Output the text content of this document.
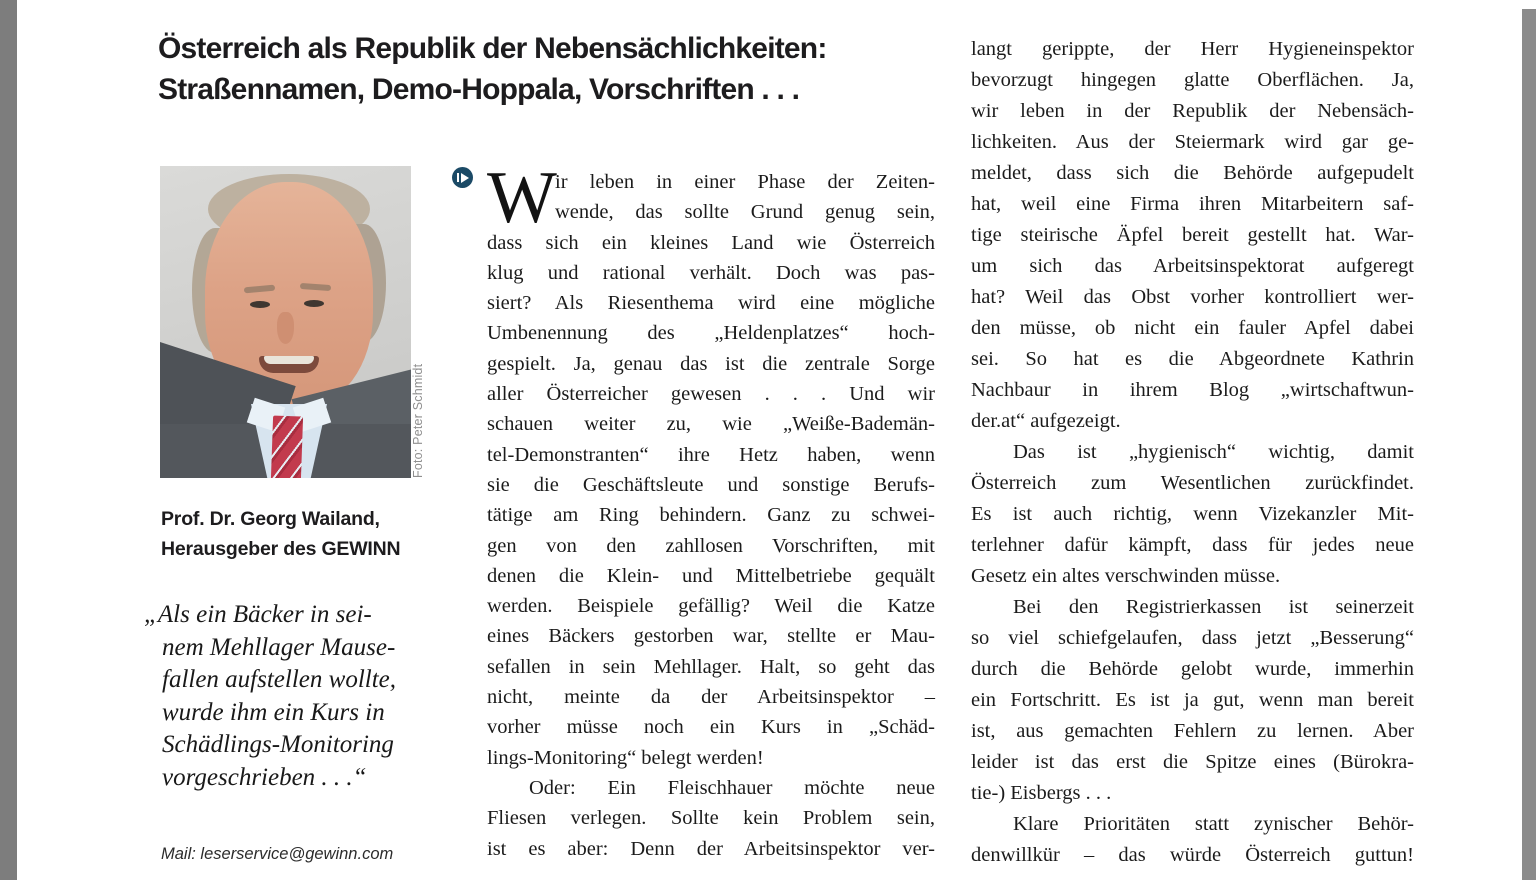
Österreich als Republik der Nebensächlichkeiten:
Straßennamen, Demo-Hoppala, Vorschriften . . .
Foto: Peter Schmidt
Prof. Dr. Georg Wailand,
Herausgeber des GEWINN
„Als ein Bäcker in sei-
nem Mehllager Mause-
fallen aufstellen wollte,
wurde ihm ein Kurs in
Schädlings-Monitoring
vorgeschrieben . . .“
Mail: leserservice@gewinn.com
W
ir leben in einer Phase der Zeiten-
wende, das sollte Grund genug sein,
dass sich ein kleines Land wie Österreich
klug und rational verhält. Doch was pas-
siert? Als Riesenthema wird eine mögliche
Umbenennung des „Heldenplatzes“ hoch-
gespielt. Ja, genau das ist die zentrale Sorge
aller Österreicher gewesen . . . Und wir
schauen weiter zu, wie „Weiße-Bademän-
tel-Demonstranten“ ihre Hetz haben, wenn
sie die Geschäftsleute und sonstige Berufs-
tätige am Ring behindern. Ganz zu schwei-
gen von den zahllosen Vorschriften, mit
denen die Klein- und Mittelbetriebe gequält
werden. Beispiele gefällig? Weil die Katze
eines Bäckers gestorben war, stellte er Mau-
sefallen in sein Mehllager. Halt, so geht das
nicht, meinte da der Arbeitsinspektor –
vorher müsse noch ein Kurs in „Schäd-
lings-Monitoring“ belegt werden!
Oder: Ein Fleischhauer möchte neue
Fliesen verlegen. Sollte kein Problem sein,
ist es aber: Denn der Arbeitsinspektor ver-
langt gerippte, der Herr Hygieneinspektor
bevorzugt hingegen glatte Oberflächen. Ja,
wir leben in der Republik der Nebensäch-
lichkeiten. Aus der Steiermark wird gar ge-
meldet, dass sich die Behörde aufgepudelt
hat, weil eine Firma ihren Mitarbeitern saf-
tige steirische Äpfel bereit gestellt hat. War-
um sich das Arbeitsinspektorat aufgeregt
hat? Weil das Obst vorher kontrolliert wer-
den müsse, ob nicht ein fauler Apfel dabei
sei. So hat es die Abgeordnete Kathrin
Nachbaur in ihrem Blog „wirtschaftwun-
der.at“ aufgezeigt.
Das ist „hygienisch“ wichtig, damit
Österreich zum Wesentlichen zurückfindet.
Es ist auch richtig, wenn Vizekanzler Mit-
terlehner dafür kämpft, dass für jedes neue
Gesetz ein altes verschwinden müsse.
Bei den Registrierkassen ist seinerzeit
so viel schiefgelaufen, dass jetzt „Besserung“
durch die Behörde gelobt wurde, immerhin
ein Fortschritt. Es ist ja gut, wenn man bereit
ist, aus gemachten Fehlern zu lernen. Aber
leider ist das erst die Spitze eines (Bürokra-
tie-) Eisbergs . . .
Klare Prioritäten statt zynischer Behör-
denwillkür – das würde Österreich guttun!
